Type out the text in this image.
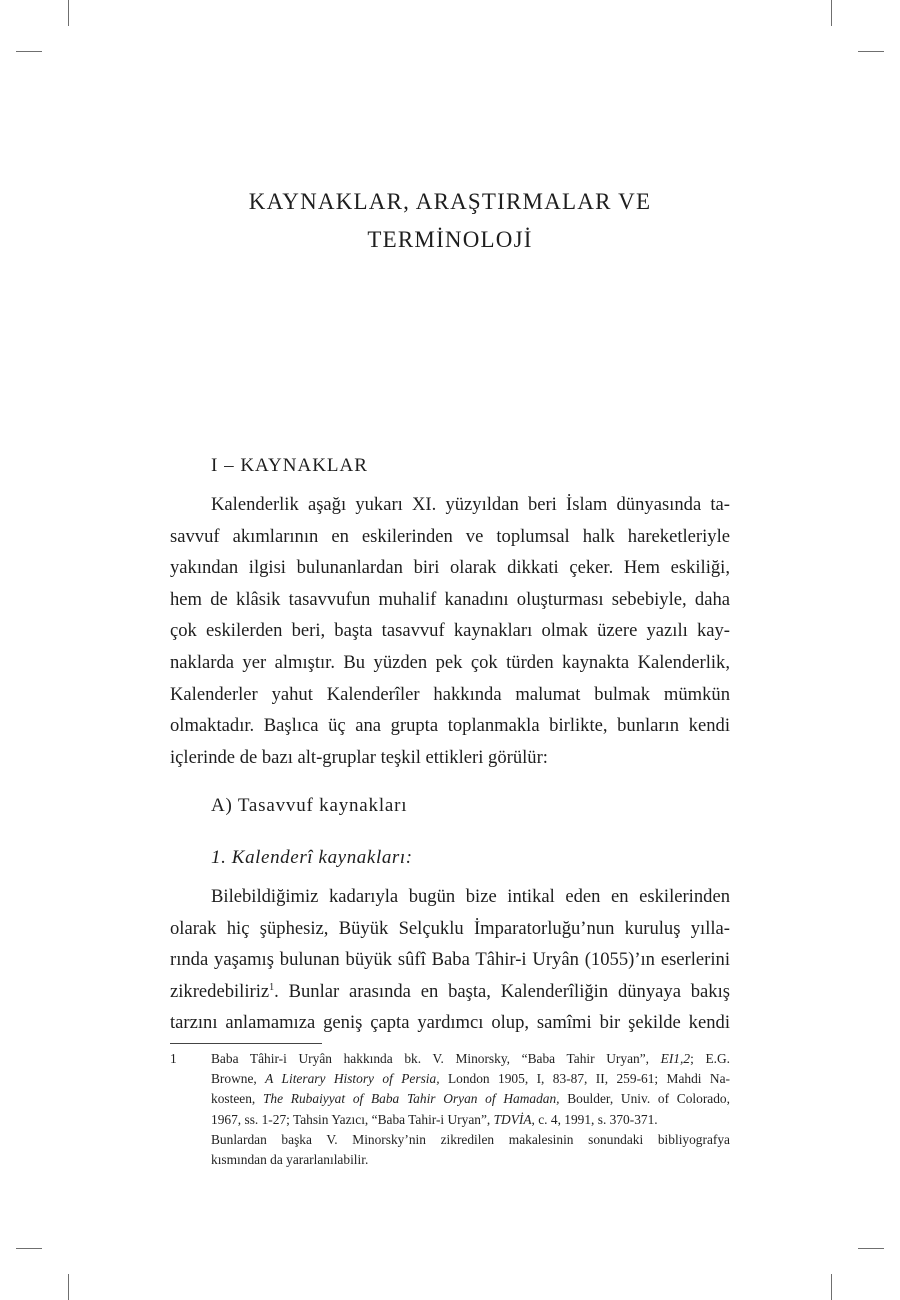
KAYNAKLAR, ARAŞTIRMALAR VE
TERMİNOLOJİ
I – KAYNAKLAR
Kalenderlik aşağı yukarı XI. yüzyıldan beri İslam dünyasında ta-
savvuf akımlarının en eskilerinden ve toplumsal halk hareketleriyle
yakından ilgisi bulunanlardan biri olarak dikkati çeker. Hem eskiliği,
hem de klâsik tasavvufun muhalif kanadını oluşturması sebebiyle, daha
çok eskilerden beri, başta tasavvuf kaynakları olmak üzere yazılı kay-
naklarda yer almıştır. Bu yüzden pek çok türden kaynakta Kalenderlik,
Kalenderler yahut Kalenderîler hakkında malumat bulmak mümkün
olmaktadır. Başlıca üç ana grupta toplanmakla birlikte, bunların kendi
içlerinde de bazı alt-gruplar teşkil ettikleri görülür:
A) Tasavvuf kaynakları
1. Kalenderî kaynakları:
Bilebildiğimiz kadarıyla bugün bize intikal eden en eskilerinden
olarak hiç şüphesiz, Büyük Selçuklu İmparatorluğu’nun kuruluş yılla-
rında yaşamış bulunan büyük sûfî Baba Tâhir-i Uryân (1055)’ın eserlerini
zikredebiliriz$^1$. Bunlar arasında en başta, Kalenderîliğin dünyaya bakış
tarzını anlamamıza geniş çapta yardımcı olup, samîmi bir şekilde kendi
1	Baba Tâhir-i Uryân hakkında bk. V. Minorsky, “Baba Tahir Uryan”, EI1,2; E.G.
Browne, A Literary History of Persia, London 1905, I, 83-87, II, 259-61; Mahdi Na-
kosteen, The Rubaiyyat of Baba Tahir Oryan of Hamadan, Boulder, Univ. of Colorado,
1967, ss. 1-27; Tahsin Yazıcı, “Baba Tahir-i Uryan”, TDVİA, c. 4, 1991, s. 370-371.
Bunlardan başka V. Minorsky’nin zikredilen makalesinin sonundaki bibliyografya
kısmından da yararlanılabilir.
